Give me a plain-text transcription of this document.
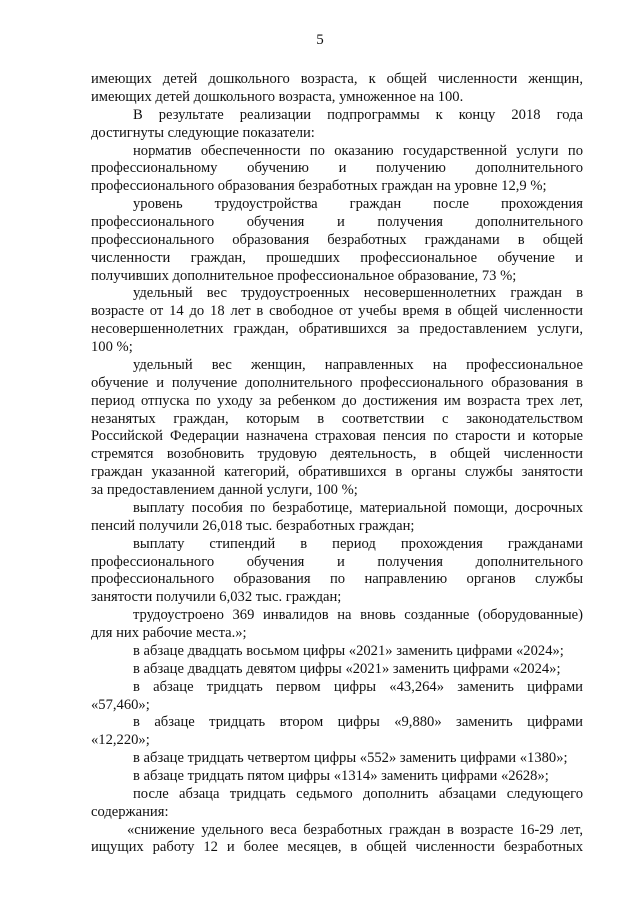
5
имеющих детей дошкольного возраста, к общей численности женщин,
имеющих детей дошкольного возраста, умноженное на 100.
В результате реализации подпрограммы к концу 2018 года
достигнуты следующие показатели:
норматив обеспеченности по оказанию государственной услуги по
профессиональному обучению и получению дополнительного
профессионального образования безработных граждан на уровне 12,9 %;
уровень трудоустройства граждан после прохождения
профессионального обучения и получения дополнительного
профессионального образования безработных гражданами в общей
численности граждан, прошедших профессиональное обучение и
получивших дополнительное профессиональное образование, 73 %;
удельный вес трудоустроенных несовершеннолетних граждан в
возрасте от 14 до 18 лет в свободное от учебы время в общей численности
несовершеннолетних граждан, обратившихся за предоставлением услуги,
100 %;
удельный вес женщин, направленных на профессиональное
обучение и получение дополнительного профессионального образования в
период отпуска по уходу за ребенком до достижения им возраста трех лет,
незанятых граждан, которым в соответствии с законодательством
Российской Федерации назначена страховая пенсия по старости и которые
стремятся возобновить трудовую деятельность, в общей численности
граждан указанной категорий, обратившихся в органы службы занятости
за предоставлением данной услуги, 100 %;
выплату пособия по безработице, материальной помощи, досрочных
пенсий получили 26,018 тыс. безработных граждан;
выплату стипендий в период прохождения гражданами
профессионального обучения и получения дополнительного
профессионального образования по направлению органов службы
занятости получили 6,032 тыс. граждан;
трудоустроено 369 инвалидов на вновь созданные (оборудованные)
для них рабочие места.»;
в абзаце двадцать восьмом цифры «2021» заменить цифрами «2024»;
в абзаце двадцать девятом цифры «2021» заменить цифрами «2024»;
в абзаце тридцать первом цифры «43,264» заменить цифрами
«57,460»;
в абзаце тридцать втором цифры «9,880» заменить цифрами
«12,220»;
в абзаце тридцать четвертом цифры «552» заменить цифрами «1380»;
в абзаце тридцать пятом цифры «1314» заменить цифрами «2628»;
после абзаца тридцать седьмого дополнить абзацами следующего
содержания:
«снижение удельного веса безработных граждан в возрасте 16-29 лет,
ищущих работу 12 и более месяцев, в общей численности безработных
